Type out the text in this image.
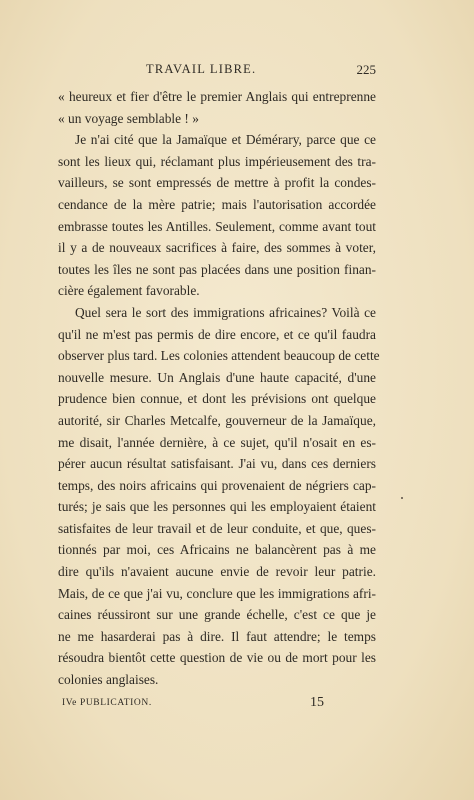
TRAVAIL LIBRE.	225
« heureux et fier d'être le premier Anglais qui entreprenne
« un voyage semblable ! »
Je n'ai cité que la Jamaïque et Démérary, parce que ce
sont les lieux qui, réclamant plus impérieusement des tra-
vailleurs, se sont empressés de mettre à profit la condes-
cendance de la mère patrie; mais l'autorisation accordée
embrasse toutes les Antilles. Seulement, comme avant tout
il y a de nouveaux sacrifices à faire, des sommes à voter,
toutes les îles ne sont pas placées dans une position finan-
cière également favorable.
Quel sera le sort des immigrations africaines? Voilà ce
qu'il ne m'est pas permis de dire encore, et ce qu'il faudra
observer plus tard. Les colonies attendent beaucoup de cette
nouvelle mesure. Un Anglais d'une haute capacité, d'une
prudence bien connue, et dont les prévisions ont quelque
autorité, sir Charles Metcalfe, gouverneur de la Jamaïque,
me disait, l'année dernière, à ce sujet, qu'il n'osait en es-
pérer aucun résultat satisfaisant. J'ai vu, dans ces derniers
temps, des noirs africains qui provenaient de négriers cap-
turés; je sais que les personnes qui les employaient étaient
satisfaites de leur travail et de leur conduite, et que, ques-
tionnés par moi, ces Africains ne balancèrent pas à me
dire qu'ils n'avaient aucune envie de revoir leur patrie.
Mais, de ce que j'ai vu, conclure que les immigrations afri-
caines réussiront sur une grande échelle, c'est ce que je
ne me hasarderai pas à dire. Il faut attendre; le temps
résoudra bientôt cette question de vie ou de mort pour les
colonies anglaises.
IVe PUBLICATION.	15
